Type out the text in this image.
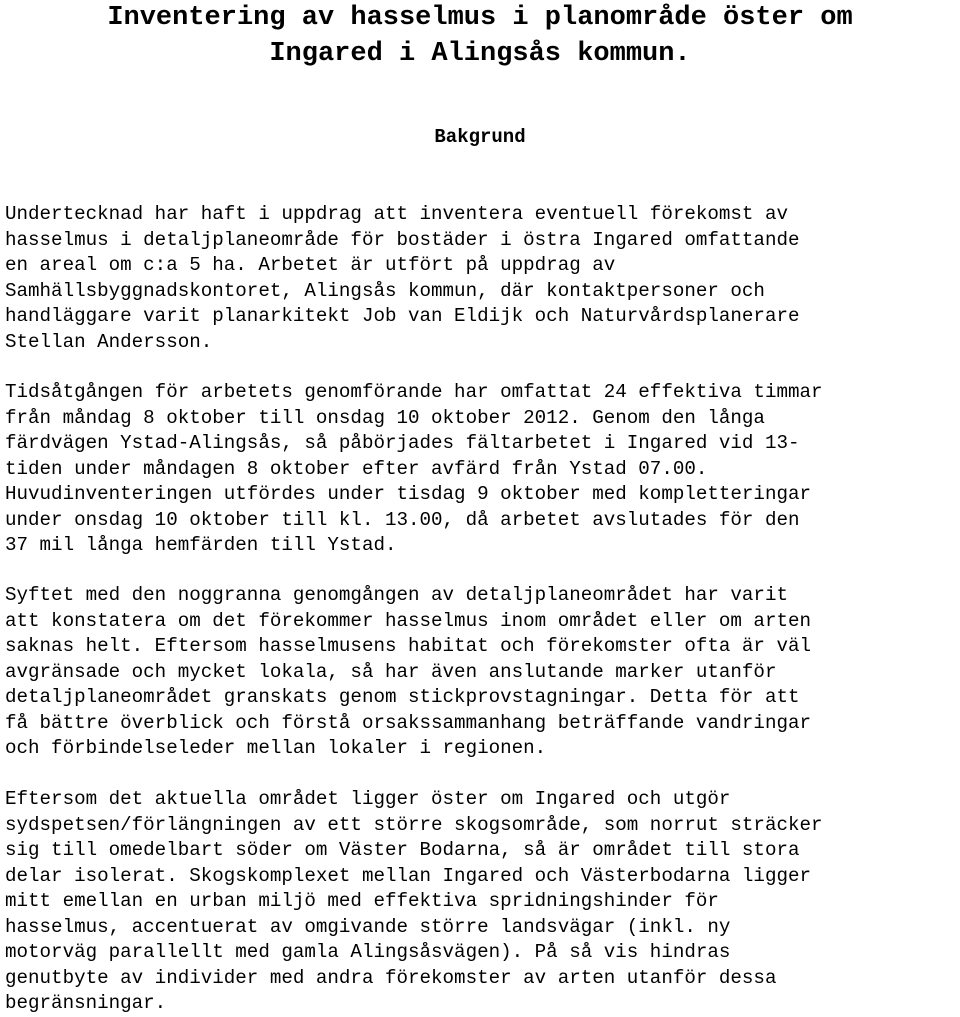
Inventering av hasselmus i planområde öster om
Ingared i Alingsås kommun.
Bakgrund

Undertecknad har haft i uppdrag att inventera eventuell förekomst av
hasselmus i detaljplaneområde för bostäder i östra Ingared omfattande
en areal om c:a 5 ha. Arbetet är utfört på uppdrag av
Samhällsbyggnadskontoret, Alingsås kommun, där kontaktpersoner och
handläggare varit planarkitekt Job van Eldijk och Naturvårdsplanerare
Stellan Andersson.

Tidsåtgången för arbetets genomförande har omfattat 24 effektiva timmar
från måndag 8 oktober till onsdag 10 oktober 2012. Genom den långa
färdvägen Ystad-Alingsås, så påbörjades fältarbetet i Ingared vid 13-
tiden under måndagen 8 oktober efter avfärd från Ystad 07.00.
Huvudinventeringen utfördes under tisdag 9 oktober med kompletteringar
under onsdag 10 oktober till kl. 13.00, då arbetet avslutades för den
37 mil långa hemfärden till Ystad.

Syftet med den noggranna genomgången av detaljplaneområdet har varit
att konstatera om det förekommer hasselmus inom området eller om arten
saknas helt. Eftersom hasselmusens habitat och förekomster ofta är väl
avgränsade och mycket lokala, så har även anslutande marker utanför
detaljplaneområdet granskats genom stickprovstagningar. Detta för att
få bättre överblick och förstå orsakssammanhang beträffande vandringar
och förbindelseleder mellan lokaler i regionen.

Eftersom det aktuella området ligger öster om Ingared och utgör
sydspetsen/förlängningen av ett större skogsområde, som norrut sträcker
sig till omedelbart söder om Väster Bodarna, så är området till stora
delar isolerat. Skogskomplexet mellan Ingared och Västerbodarna ligger
mitt emellan en urban miljö med effektiva spridningshinder för
hasselmus, accentuerat av omgivande större landsvägar (inkl. ny
motorväg parallellt med gamla Alingsåsvägen). På så vis hindras
genutbyte av individer med andra förekomster av arten utanför dessa
begränsningar.
